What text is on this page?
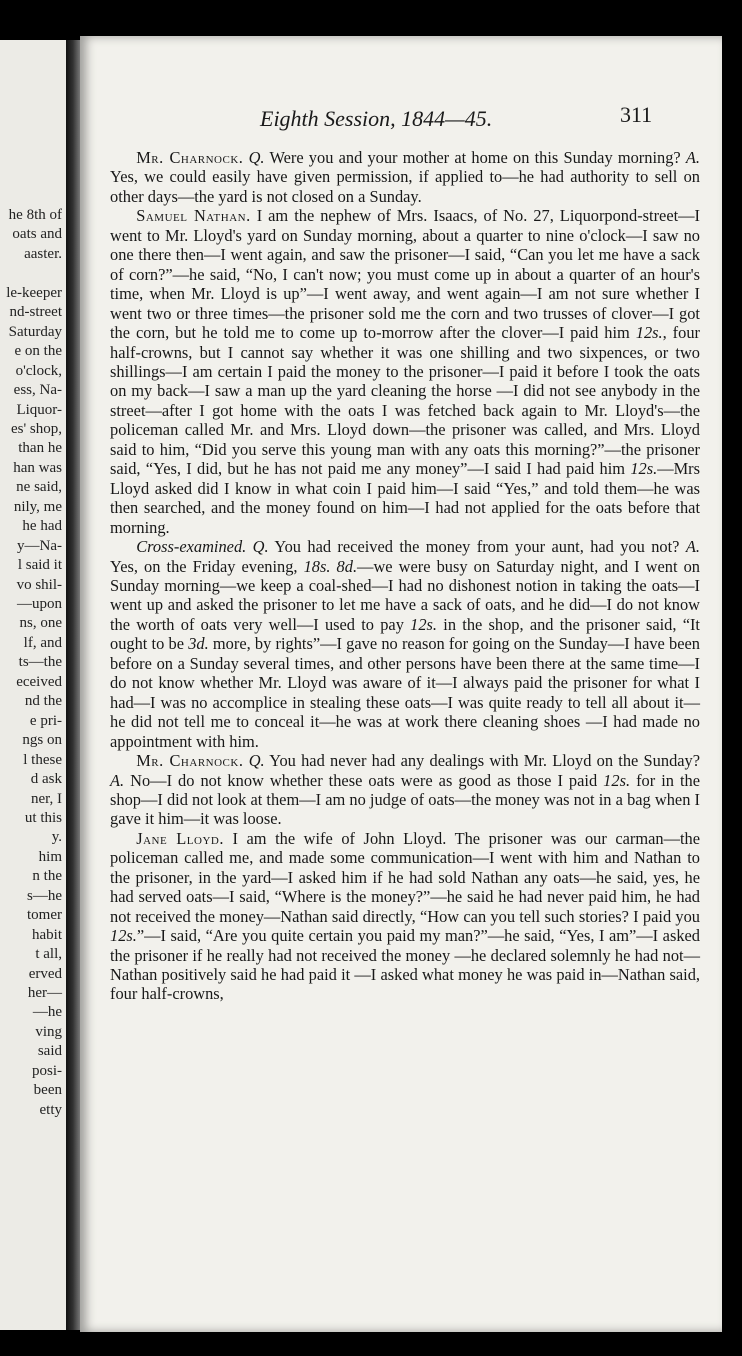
he 8th of
oats and
aaster.
le-keeper
nd-street
Saturday
e on the
o'clock,
ess, Na-
Liquor-
es' shop,
than he
han was
ne said,
nily, me
he had
y—Na-
l said it
vo shil-
—upon
ns, one
lf, and
ts—the
eceived
nd the
e pri-
ngs on
l these
d ask
ner, I
ut this
y.
him
n the
s—he
tomer
habit
t all,
erved
her—
—he
ving
said
posi-
been
etty
Eighth Session, 1844—45.	311

Mr. Charnock. Q. Were you and your mother at home on this Sunday morning? A. Yes, we could easily have given permission, if applied to—he had authority to sell on other days—the yard is not closed on a Sunday.

Samuel Nathan. I am the nephew of Mrs. Isaacs, of No. 27, Liquorpond-street—I went to Mr. Lloyd's yard on Sunday morning, about a quarter to nine o'clock—I saw no one there then—I went again, and saw the prisoner—I said, “Can you let me have a sack of corn?”—he said, “No, I can't now; you must come up in about a quarter of an hour's time, when Mr. Lloyd is up”—I went away, and went again—I am not sure whether I went two or three times—the prisoner sold me the corn and two trusses of clover—I got the corn, but he told me to come up to-morrow after the clover—I paid him 12s., four half-crowns, but I cannot say whether it was one shilling and two sixpences, or two shillings—I am certain I paid the money to the prisoner—I paid it before I took the oats on my back—I saw a man up the yard cleaning the horse —I did not see anybody in the street—after I got home with the oats I was fetched back again to Mr. Lloyd's—the policeman called Mr. and Mrs. Lloyd down—the prisoner was called, and Mrs. Lloyd said to him, “Did you serve this young man with any oats this morning?”—the prisoner said, “Yes, I did, but he has not paid me any money”—I said I had paid him 12s.—Mrs Lloyd asked did I know in what coin I paid him—I said “Yes,” and told them—he was then searched, and the money found on him—I had not applied for the oats before that morning.

Cross-examined. Q. You had received the money from your aunt, had you not? A. Yes, on the Friday evening, 18s. 8d.—we were busy on Saturday night, and I went on Sunday morning—we keep a coal-shed—I had no dishonest notion in taking the oats—I went up and asked the prisoner to let me have a sack of oats, and he did—I do not know the worth of oats very well—I used to pay 12s. in the shop, and the prisoner said, “It ought to be 3d. more, by rights”—I gave no reason for going on the Sunday—I have been before on a Sunday several times, and other persons have been there at the same time—I do not know whether Mr. Lloyd was aware of it—I always paid the prisoner for what I had—I was no accomplice in stealing these oats—I was quite ready to tell all about it—he did not tell me to conceal it—he was at work there cleaning shoes —I had made no appointment with him.

Mr. Charnock. Q. You had never had any dealings with Mr. Lloyd on the Sunday? A. No—I do not know whether these oats were as good as those I paid 12s. for in the shop—I did not look at them—I am no judge of oats—the money was not in a bag when I gave it him—it was loose.

Jane Lloyd. I am the wife of John Lloyd. The prisoner was our carman—the policeman called me, and made some communication—I went with him and Nathan to the prisoner, in the yard—I asked him if he had sold Nathan any oats—he said, yes, he had served oats—I said, “Where is the money?”—he said he had never paid him, he had not received the money—Nathan said directly, “How can you tell such stories? I paid you 12s.”—I said, “Are you quite certain you paid my man?”—he said, “Yes, I am”—I asked the prisoner if he really had not received the money —he declared solemnly he had not—Nathan positively said he had paid it —I asked what money he was paid in—Nathan said, four half-crowns,
